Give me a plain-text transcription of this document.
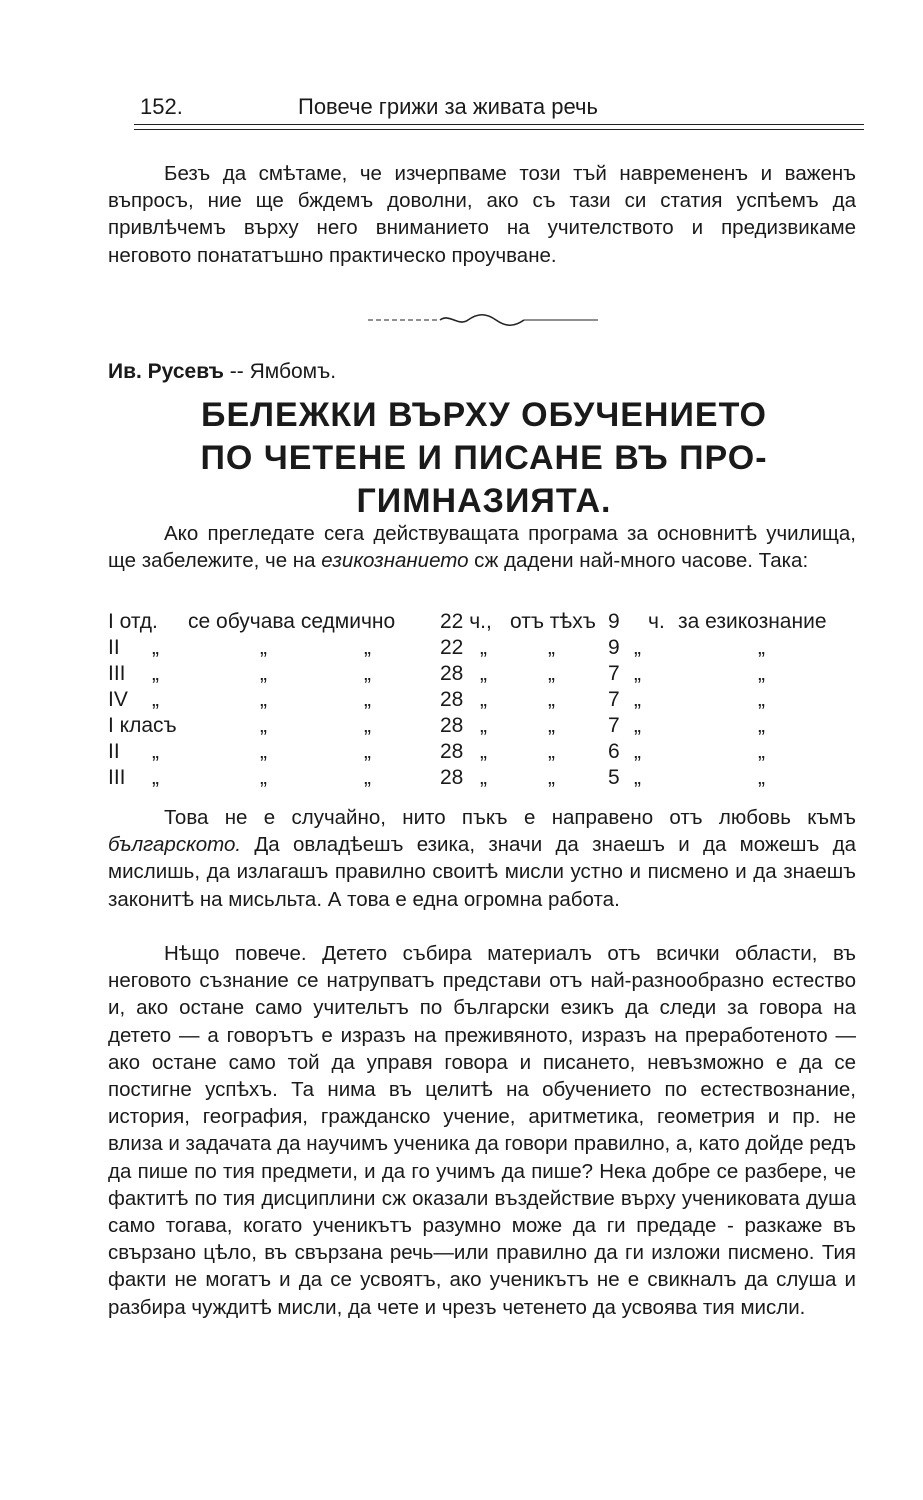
152.	Повече грижи за живата речь

Безъ да смѣтаме, че изчерпваме този тъй навремененъ и важенъ въпросъ, ние ще бждемъ доволни, ако съ тази си статия успѣемъ да привлѣчемъ върху него вниманието на учителството и предизвикаме неговото понататъшно практическо проучване.

Ив. Русевъ -- Ямбомъ.
БЕЛЕЖКИ ВЪРХУ ОБУЧЕНИЕТО
ПО ЧЕТЕНЕ И ПИСАНЕ ВЪ ПРО-
ГИМНАЗИЯТА.

Ако прегледате сега действуващата програма за основнитѣ училища, ще забележите, че на езикознанието сж дадени най-много часове. Така:

I отд. се обучава седмично 22 ч., отъ тѣхъ 9 ч. за езикознание
II „	„	„	22 „	„	9 „	„
III „	„	„	28 „	„	7 „	„
IV „	„	„	28 „	„	7 „	„
I класъ	„	„	28 „	„	7 „	„
II „	„	„	28 „	„	6 „	„
III „	„	„	28 „	„	5 „	„

Това не е случайно, нито пъкъ е направено отъ любовь къмъ българското. Да овладѣешъ езика, значи да знаешъ и да можешъ да мислишь, да излагашъ правилно своитѣ мисли устно и писмено и да знаешъ законитѣ на мисьльта. А това е една огромна работа.

Нѣщо повече. Детето събира материалъ отъ всички области, въ неговото съзнание се натрупватъ представи отъ най-разнообразно естество и, ако остане само учительтъ по български езикъ да следи за говора на детето — а говорътъ е изразъ на преживяното, изразъ на преработеното — ако остане само той да управя говора и писането, невъзможно е да се постигне успѣхъ. Та нима въ целитѣ на обучението по естествознание, история, география, гражданско учение, аритметика, геометрия и пр. не влиза и задачата да научимъ ученика да говори правилно, а, като дойде редъ да пише по тия предмети, и да го учимъ да пише? Нека добре се разбере, че фактитѣ по тия дисциплини сж оказали въздействие върху учениковата душа само тогава, когато ученикътъ разумно може да ги предаде - разкаже въ свързано цѣло, въ свързана речь—или правилно да ги изложи писмено. Тия факти не могатъ и да се усвоятъ, ако ученикътъ не е свикналъ да слуша и разбира чуждитѣ мисли, да чете и чрезъ четенето да усвоява тия мисли.
